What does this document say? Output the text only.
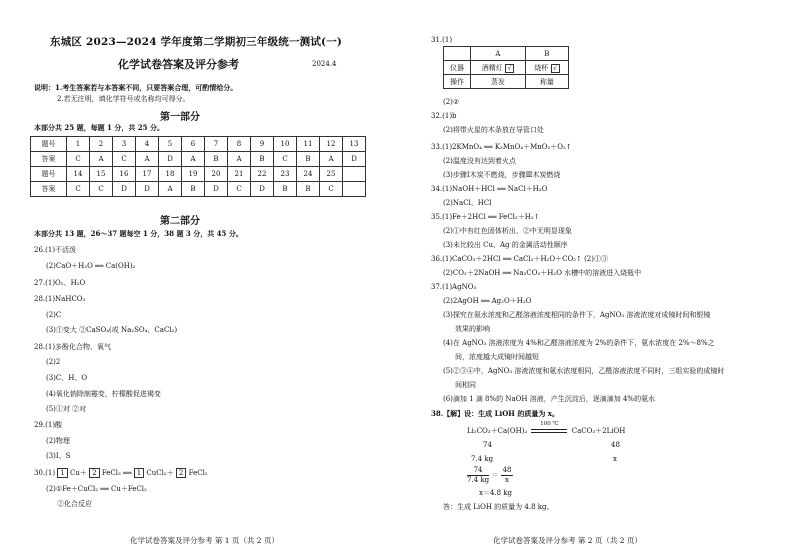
东城区 2023—2024 学年度第二学期初三年级统一测试(一)
化学试卷答案及评分参考	2024.4
说明：1.考生答案若与本答案不同，只要答案合理，可酌情给分。
2.若无注明，填化学符号或名称均可得分。
第一部分
本部分共 25 题，每题 1 分，共 25 分。
题号	1	2	3	4	5	6	7	8	9	10	11	12	13
答案	C	A	C	A	D	A	B	A	B	C	B	A	D
题号	14	15	16	17	18	19	20	21	22	23	24	25	
答案	C	C	D	D	A	B	D	C	D	B	B	C	
第二部分
本部分共 13 题，26～37 题每空 1 分，38 题 3 分，共 45 分。
26.(1)不活泼
(2)CaO＋H₂O ══ Ca(OH)₂
27.(1)O₂、H₂O
28.(1)NaHCO₃
(2)C
(3)①变大 ②CaSO₄(或 Na₂SO₄、CaCl₂)
28.(1)多酚化合物、氧气
(2)2
(3)C、H、O
(4)氧化钠除制霉变，柠檬酸促进褐变
(5)①对 ②对
29.(1)酸
(2)物理
(3)I、S
30.(1) 1 Cu＋ 2 FeCl₃ ══ 1 CuCl₂＋ 2 FeCl₂
(2)①Fe＋CuCl₂ ══ Cu＋FeCl₂
②化合反应
化学试卷答案及评分参考 第 1 页（共 2 页）
31.(1)
	A	B
仪器	酒精灯 √	烧杯 √
操作	蒸发	称量
(2)②
32.(1)b
(2)将带火星的木条放在导管口处
33.(1)2KMnO₄ ══ K₂MnO₄＋MnO₂＋O₂↑
(2)温度没有达到着火点
(3)步骤Ⅰ木炭不燃烧，步骤Ⅲ木炭燃烧
34.(1)NaOH＋HCl ══ NaCl＋H₂O
(2)NaCl、HCl
35.(1)Fe＋2HCl ══ FeCl₂＋H₂↑
(2)①中有红色固体析出，②中无明显现象
(3)未比较出 Cu、Ag 的金属活动性顺序
36.(1)CaCO₃＋2HCl ══ CaCl₂＋H₂O＋CO₂↑ (2)①③
(2)CO₂＋2NaOH ══ Na₂CO₃＋H₂O 水槽中的溶液进入烧瓶中
37.(1)AgNO₃
(2)2AgOH ══ Ag₂O＋H₂O
(3)探究在氨水浓度和乙醛溶液浓度相同的条件下，AgNO₃ 溶液浓度对成镜时间和银镜
效果的影响
(4)在 AgNO₃ 溶液浓度为 4%和乙醛溶液浓度为 2%的条件下，氨水浓度在 2%～8%之
间，浓度越大成镜时间越短
(5)②③④中，AgNO₃ 溶液浓度和氨水浓度相同，乙醛溶液浓度不同时，三组实验的成镜时
间相同
(6)滴加 1 滴 8%的 NaOH 溶液，产生沉淀后，逐滴滴加 4%的氨水
38.【解】设：生成 LiOH 的质量为 x。
Li₂CO₃＋Ca(OH)₂
100 ℃
CaCO₃＋2LiOH
74	48
7.4 kg	x
$\frac{74}{7.4 kg} = \frac{48}{x}$
x＝4.8 kg
答：生成 LiOH 的质量为 4.8 kg。
化学试卷答案及评分参考 第 2 页（共 2 页）
